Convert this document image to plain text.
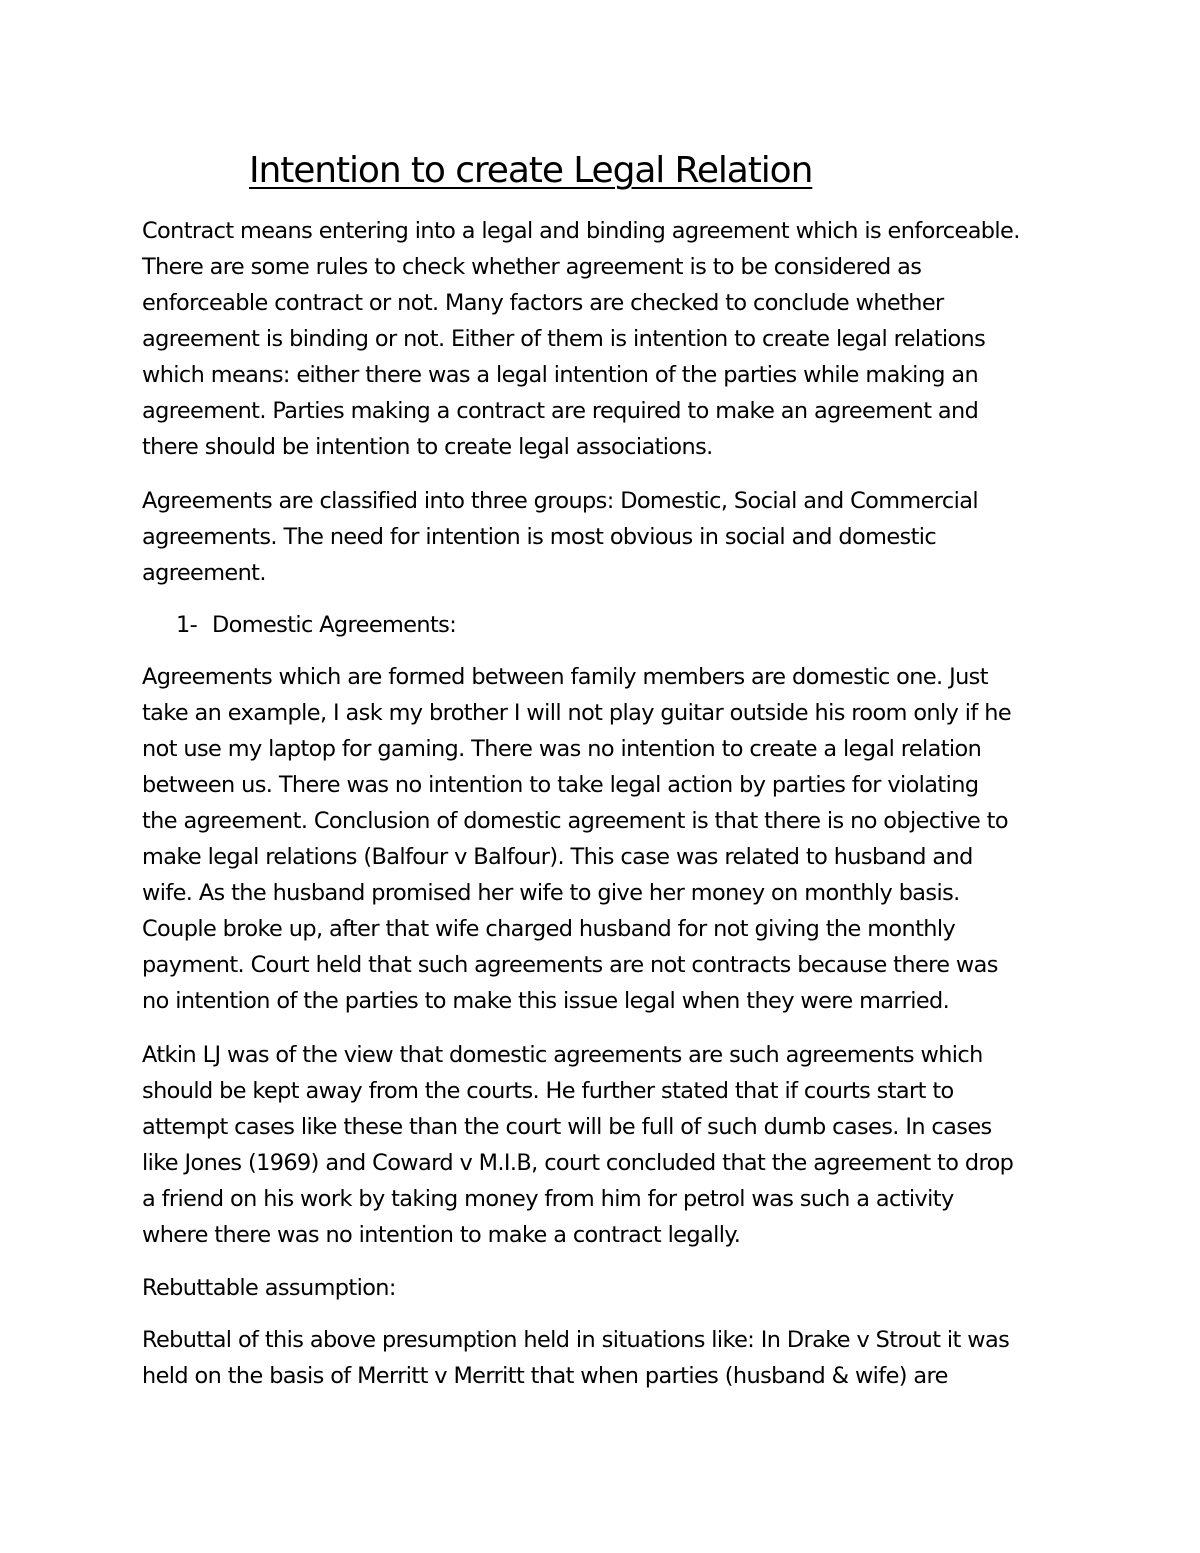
Intention to create Legal Relation
Contract means entering into a legal and binding agreement which is enforceable.
There are some rules to check whether agreement is to be considered as
enforceable contract or not. Many factors are checked to conclude whether
agreement is binding or not. Either of them is intention to create legal relations
which means: either there was a legal intention of the parties while making an
agreement. Parties making a contract are required to make an agreement and
there should be intention to create legal associations.
Agreements are classified into three groups: Domestic, Social and Commercial
agreements. The need for intention is most obvious in social and domestic
agreement.
1- Domestic Agreements:
Agreements which are formed between family members are domestic one. Just
take an example, I ask my brother I will not play guitar outside his room only if he
not use my laptop for gaming. There was no intention to create a legal relation
between us. There was no intention to take legal action by parties for violating
the agreement. Conclusion of domestic agreement is that there is no objective to
make legal relations (Balfour v Balfour). This case was related to husband and
wife. As the husband promised her wife to give her money on monthly basis.
Couple broke up, after that wife charged husband for not giving the monthly
payment. Court held that such agreements are not contracts because there was
no intention of the parties to make this issue legal when they were married.
Atkin LJ was of the view that domestic agreements are such agreements which
should be kept away from the courts. He further stated that if courts start to
attempt cases like these than the court will be full of such dumb cases. In cases
like Jones (1969) and Coward v M.I.B, court concluded that the agreement to drop
a friend on his work by taking money from him for petrol was such a activity
where there was no intention to make a contract legally.
Rebuttable assumption:
Rebuttal of this above presumption held in situations like: In Drake v Strout it was
held on the basis of Merritt v Merritt that when parties (husband & wife) are
